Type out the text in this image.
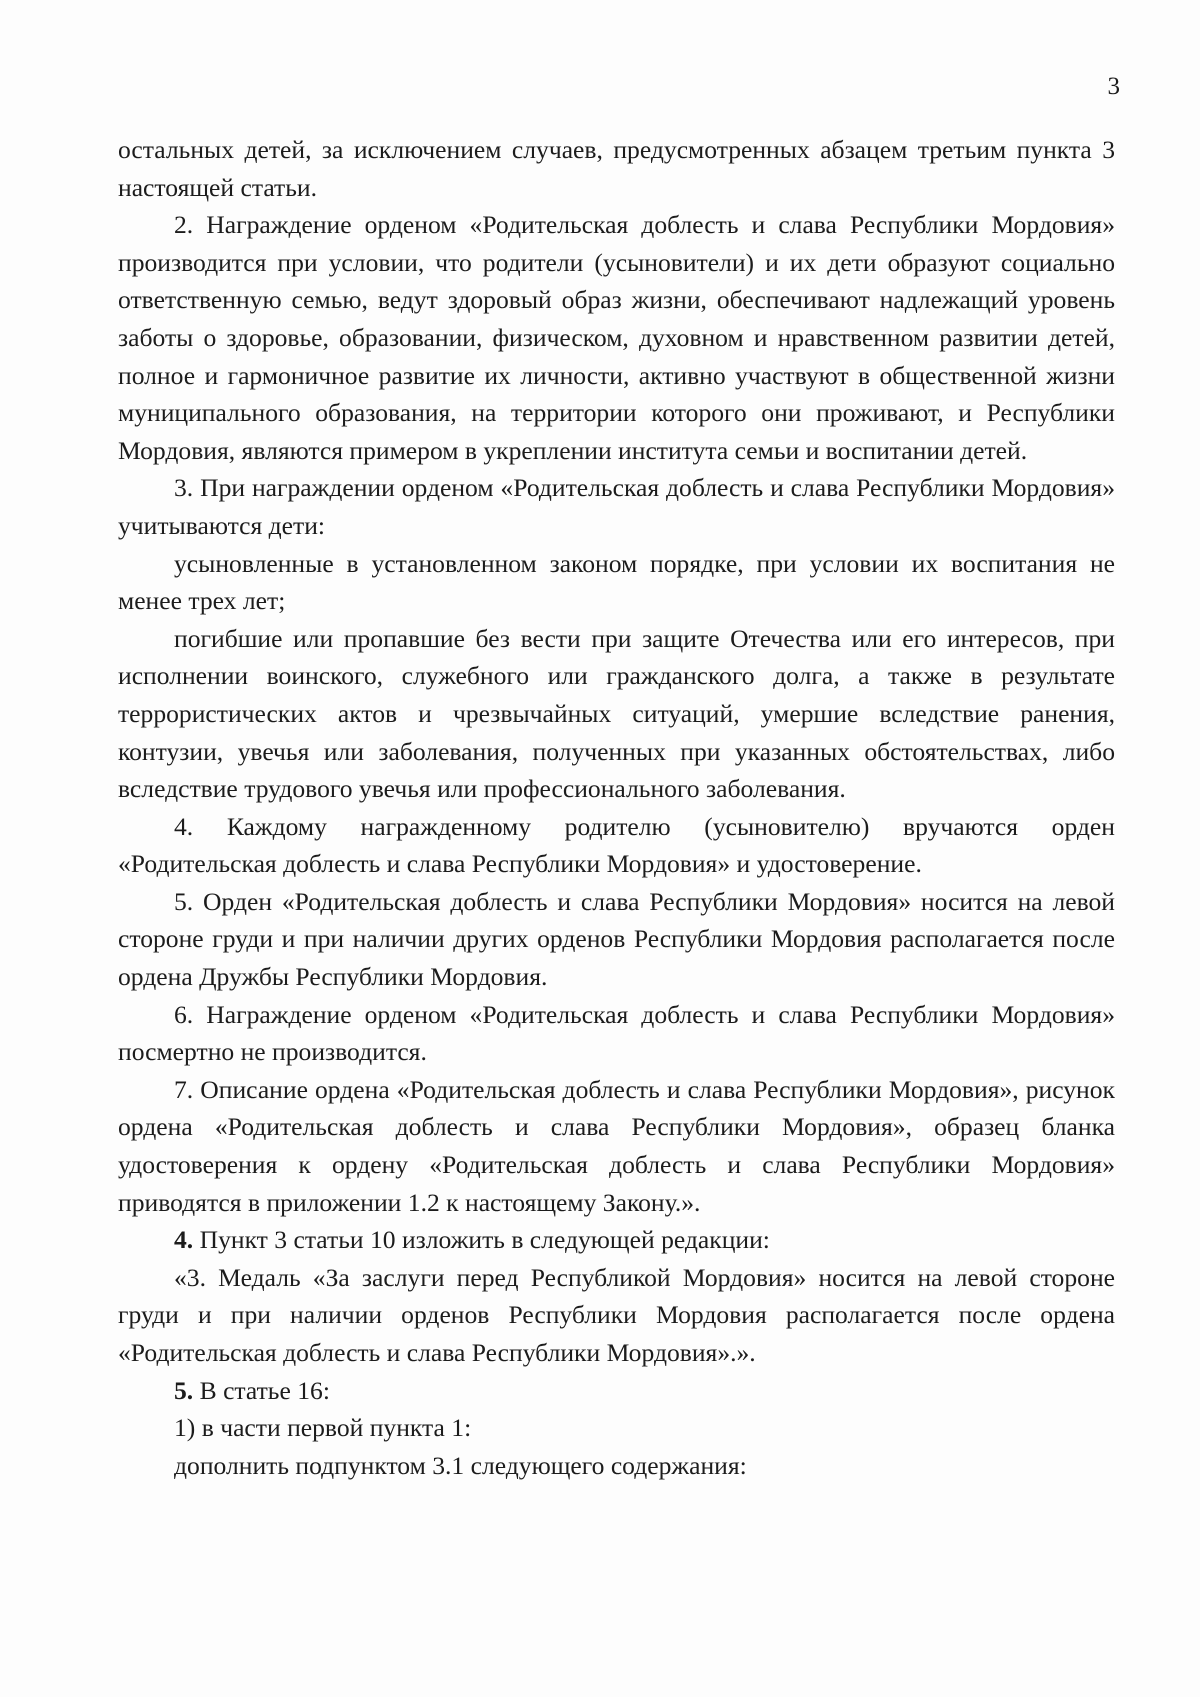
3

остальных детей, за исключением случаев, предусмотренных абзацем третьим пункта 3 настоящей статьи.

2. Награждение орденом «Родительская доблесть и слава Республики Мордовия» производится при условии, что родители (усыновители) и их дети образуют социально ответственную семью, ведут здоровый образ жизни, обеспечивают надлежащий уровень заботы о здоровье, образовании, физическом, духовном и нравственном развитии детей, полное и гармоничное развитие их личности, активно участвуют в общественной жизни муниципального образования, на территории которого они проживают, и Республики Мордовия, являются примером в укреплении института семьи и воспитании детей.

3. При награждении орденом «Родительская доблесть и слава Республики Мордовия» учитываются дети:

усыновленные в установленном законом порядке, при условии их воспитания не менее трех лет;

погибшие или пропавшие без вести при защите Отечества или его интересов, при исполнении воинского, служебного или гражданского долга, а также в результате террористических актов и чрезвычайных ситуаций, умершие вследствие ранения, контузии, увечья или заболевания, полученных при указанных обстоятельствах, либо вследствие трудового увечья или профессионального заболевания.

4. Каждому награжденному родителю (усыновителю) вручаются орден «Родительская доблесть и слава Республики Мордовия» и удостоверение.

5. Орден «Родительская доблесть и слава Республики Мордовия» носится на левой стороне груди и при наличии других орденов Республики Мордовия располагается после ордена Дружбы Республики Мордовия.

6. Награждение орденом «Родительская доблесть и слава Республики Мордовия» посмертно не производится.

7. Описание ордена «Родительская доблесть и слава Республики Мордовия», рисунок ордена «Родительская доблесть и слава Республики Мордовия», образец бланка удостоверения к ордену «Родительская доблесть и слава Республики Мордовия» приводятся в приложении 1.2 к настоящему Закону.».

4. Пункт 3 статьи 10 изложить в следующей редакции:

«3. Медаль «За заслуги перед Республикой Мордовия» носится на левой стороне груди и при наличии орденов Республики Мордовия располагается после ордена «Родительская доблесть и слава Республики Мордовия».».

5. В статье 16:

1) в части первой пункта 1:

дополнить подпунктом 3.1 следующего содержания:
